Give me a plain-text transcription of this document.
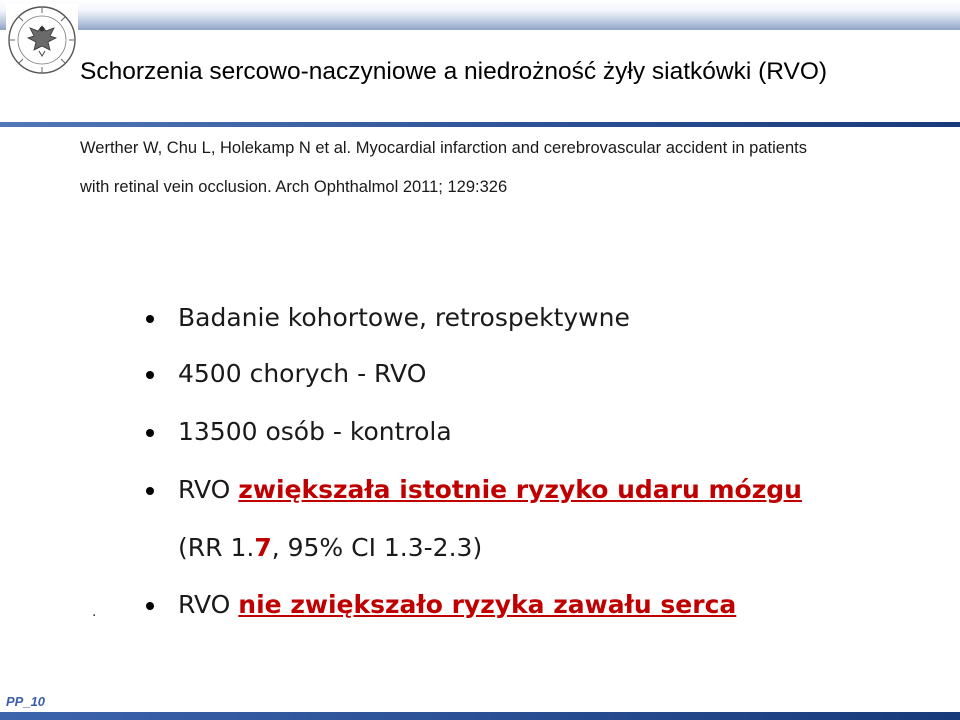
Schorzenia sercowo-naczyniowe a niedrożność żyły siatkówki (RVO)
Werther W, Chu L, Holekamp N et al. Myocardial infarction and cerebrovascular accident in patients
with retinal vein occlusion. Arch Ophthalmol 2011; 129:326
Badanie kohortowe, retrospektywne
4500 chorych - RVO
13500 osób - kontrola
RVO zwiększała istotnie ryzyko udaru mózgu
RVO nie zwiększało ryzyka zawału serca
(RR 1.7, 95% CI 1.3-2.3)
.
PP_10
